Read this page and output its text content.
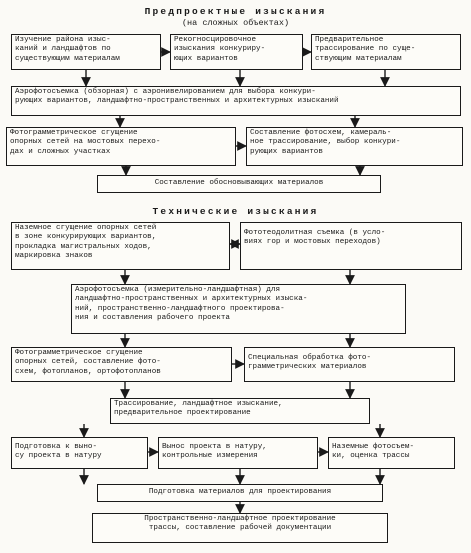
Предпроектные изыскания
(на сложных объектах)
Изучение района изыс-
каний и ландшафтов по
существующим материалам
Рекогносцировочное
изыскания конкуриру-
ющих вариантов
Предварительное
трассирование по суще-
ствующим материалам
Аэрофотосъемка (обзорная) с аэронивелированием для выбора конкури-
рующих вариантов, ландшафтно-пространственных и архитектурных изысканий
Фотограмметрическое сгущение
опорных сетей на мостовых перехо-
дах и сложных участках
Составление фотосхем, камераль-
ное трассирование, выбор конкури-
рующих вариантов
Составление обосновывающих материалов
Технические изыскания
Наземное сгущение опорных сетей
в зоне конкурирующих вариантов,
прокладка магистральных ходов,
маркировка знаков
Фототеодолитная съемка (в усло-
виях гор и мостовых переходов)
Аэрофотосъемка (измерительно-ландшафтная) для
ландшафтно-пространственных и архитектурных изыска-
ний, пространственно-ландшафтного проектирова-
ния и составления рабочего проекта
Фотограмметрическое сгущение
опорных сетей, составление фото-
схем, фотопланов, ортофотопланов
Специальная обработка фото-
грамметрических материалов
Трассирование, ландшафтное изыскание,
предварительное проектирование
Подготовка к выно-
су проекта в натуру
Вынос проекта в натуру,
контрольные измерения
Наземные фотосъем-
ки, оценка трассы
Подготовка материалов для проектирования
Пространственно-ландшафтное проектирование
трассы, составление рабочей документации
